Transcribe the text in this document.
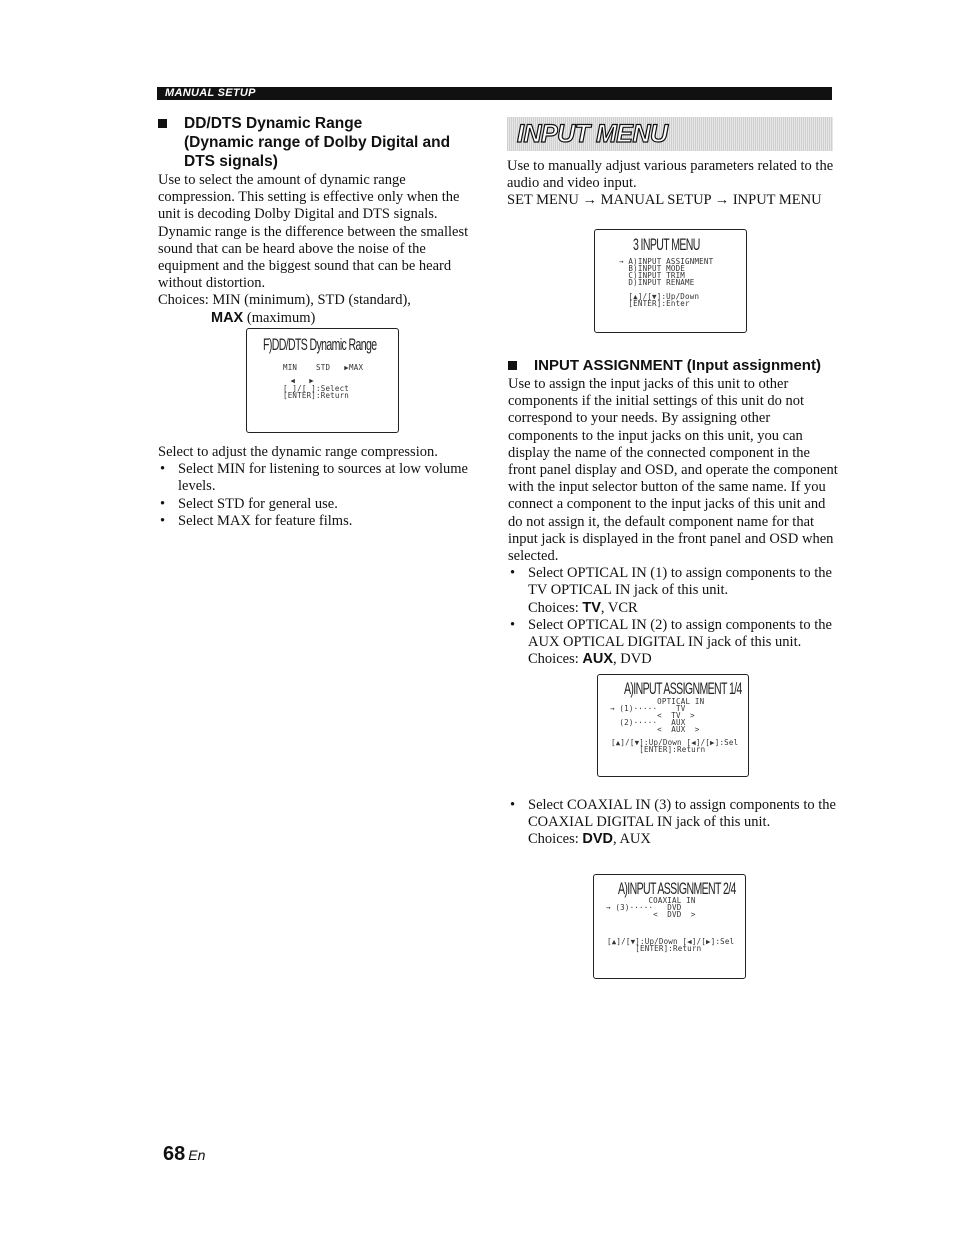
MANUAL SETUP
DD/DTS Dynamic Range
(Dynamic range of Dolby Digital and
DTS signals)

Use to select the amount of dynamic range compression. This setting is effective only when the unit is decoding Dolby Digital and DTS signals. Dynamic range is the difference between the smallest sound that can be heard above the noise of the equipment and the biggest sound that can be heard without distortion.

Choices: MIN (minimum), STD (standard),

MAX (maximum)

F)DD/DTS Dynamic Range
MIN    STD   ▶MAX
◀   ▶
[ ]/[ ]:Select
[ENTER]:Return

Select to adjust the dynamic range compression.

• Select MIN for listening to sources at low volume levels.
• Select STD for general use.
• Select MAX for feature films.
INPUT MENU

Use to manually adjust various parameters related to the audio and video input.

SET MENU → MANUAL SETUP → INPUT MENU

3 INPUT MENU
→ A)INPUT ASSIGNMENT
B)INPUT MODE
C)INPUT TRIM
D)INPUT RENAME
[▲]/[▼]:Up/Down
[ENTER]:Enter
INPUT ASSIGNMENT (Input assignment)

Use to assign the input jacks of this unit to other components if the initial settings of this unit do not correspond to your needs. By assigning other components to the input jacks on this unit, you can display the name of the connected component in the front panel display and OSD, and operate the component with the input selector button of the same name. If you connect a component to the input jacks of this unit and do not assign it, the default component name for that input jack is displayed in the front panel and OSD when selected.

• Select OPTICAL IN (1) to assign components to the TV OPTICAL IN jack of this unit.
Choices: TV, VCR
• Select OPTICAL IN (2) to assign components to the AUX OPTICAL DIGITAL IN jack of this unit.
Choices: AUX, DVD
A)INPUT ASSIGNMENT 1/4
OPTICAL IN
→ (1)·····    TV
<  TV  >
(2)·····   AUX
<  AUX  >
[▲]/[▼]:Up/Down [◀]/[▶]:Sel
[ENTER]:Return
• Select COAXIAL IN (3) to assign components to the COAXIAL DIGITAL IN jack of this unit.
Choices: DVD, AUX
A)INPUT ASSIGNMENT 2/4
COAXIAL IN
→ (3)·····   DVD
<  DVD  >
[▲]/[▼]:Up/Down [◀]/[▶]:Sel
[ENTER]:Return
68 En
